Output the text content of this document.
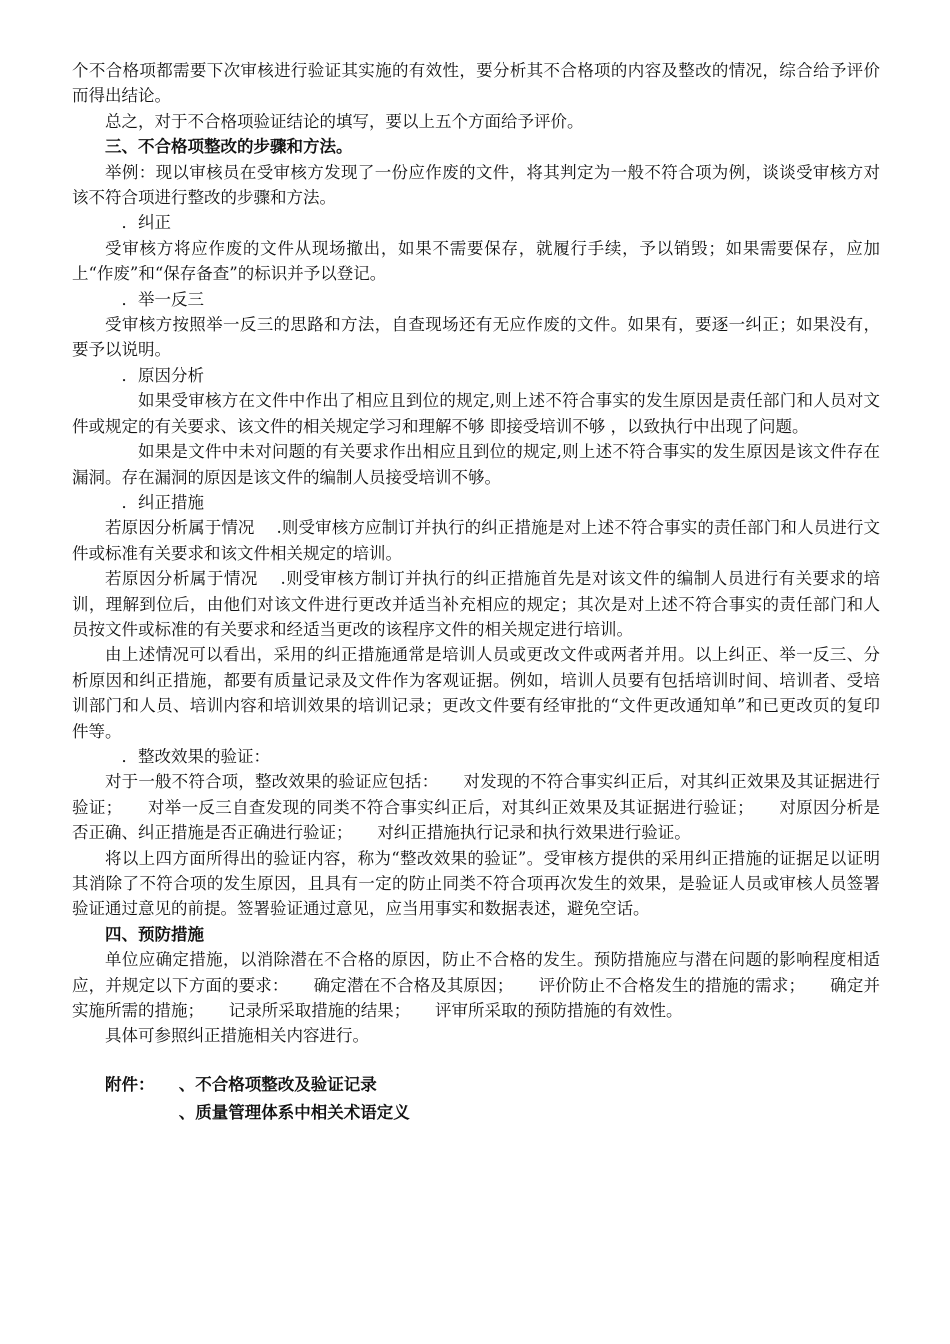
个不合格项都需要下次审核进行验证其实施的有效性，要分析其不合格项的内容及整改的情况，综合给予评价而得出结论。

总之，对于不合格项验证结论的填写，要以上五个方面给予评价。

三、不合格项整改的步骤和方法。

举例：现以审核员在受审核方发现了一份应作废的文件，将其判定为一般不符合项为例，谈谈受审核方对该不符合项进行整改的步骤和方法。

．纠正

受审核方将应作废的文件从现场撤出，如果不需要保存，就履行手续，予以销毁；如果需要保存，应加上“作废”和“保存备查”的标识并予以登记。

．举一反三

受审核方按照举一反三的思路和方法，自查现场还有无应作废的文件。如果有，要逐一纠正；如果没有，要予以说明。

．原因分析

如果受审核方在文件中作出了相应且到位的规定,则上述不符合事实的发生原因是责任部门和人员对文件或规定的有关要求、该文件的相关规定学习和理解不够 即接受培训不够 ，以致执行中出现了问题。

如果是文件中未对问题的有关要求作出相应且到位的规定,则上述不符合事实的发生原因是该文件存在漏洞。存在漏洞的原因是该文件的编制人员接受培训不够。

．纠正措施

若原因分析属于情况　 .则受审核方应制订并执行的纠正措施是对上述不符合事实的责任部门和人员进行文件或标准有关要求和该文件相关规定的培训。

若原因分析属于情况　 .则受审核方制订并执行的纠正措施首先是对该文件的编制人员进行有关要求的培训，理解到位后，由他们对该文件进行更改并适当补充相应的规定；其次是对上述不符合事实的责任部门和人员按文件或标准的有关要求和经适当更改的该程序文件的相关规定进行培训。

由上述情况可以看出，采用的纠正措施通常是培训人员或更改文件或两者并用。以上纠正、举一反三、分析原因和纠正措施，都要有质量记录及文件作为客观证据。例如，培训人员要有包括培训时间、培训者、受培训部门和人员、培训内容和培训效果的培训记录；更改文件要有经审批的“文件更改通知单”和已更改页的复印件等。

．整改效果的验证：

对于一般不符合项，整改效果的验证应包括：　　对发现的不符合事实纠正后，对其纠正效果及其证据进行验证；　　对举一反三自查发现的同类不符合事实纠正后，对其纠正效果及其证据进行验证；　　对原因分析是否正确、纠正措施是否正确进行验证；　　对纠正措施执行记录和执行效果进行验证。

将以上四方面所得出的验证内容，称为“整改效果的验证”。受审核方提供的采用纠正措施的证据足以证明其消除了不符合项的发生原因，且具有一定的防止同类不符合项再次发生的效果，是验证人员或审核人员签署验证通过意见的前提。签署验证通过意见，应当用事实和数据表述，避免空话。

四、预防措施

单位应确定措施，以消除潜在不合格的原因，防止不合格的发生。预防措施应与潜在问题的影响程度相适应，并规定以下方面的要求：　　确定潜在不合格及其原因；　　评价防止不合格发生的措施的需求；　　确定并实施所需的措施；　　记录所采取措施的结果；　　评审所采取的预防措施的有效性。

具体可参照纠正措施相关内容进行。

附件： 、不合格项整改及验证记录

、质量管理体系中相关术语定义
